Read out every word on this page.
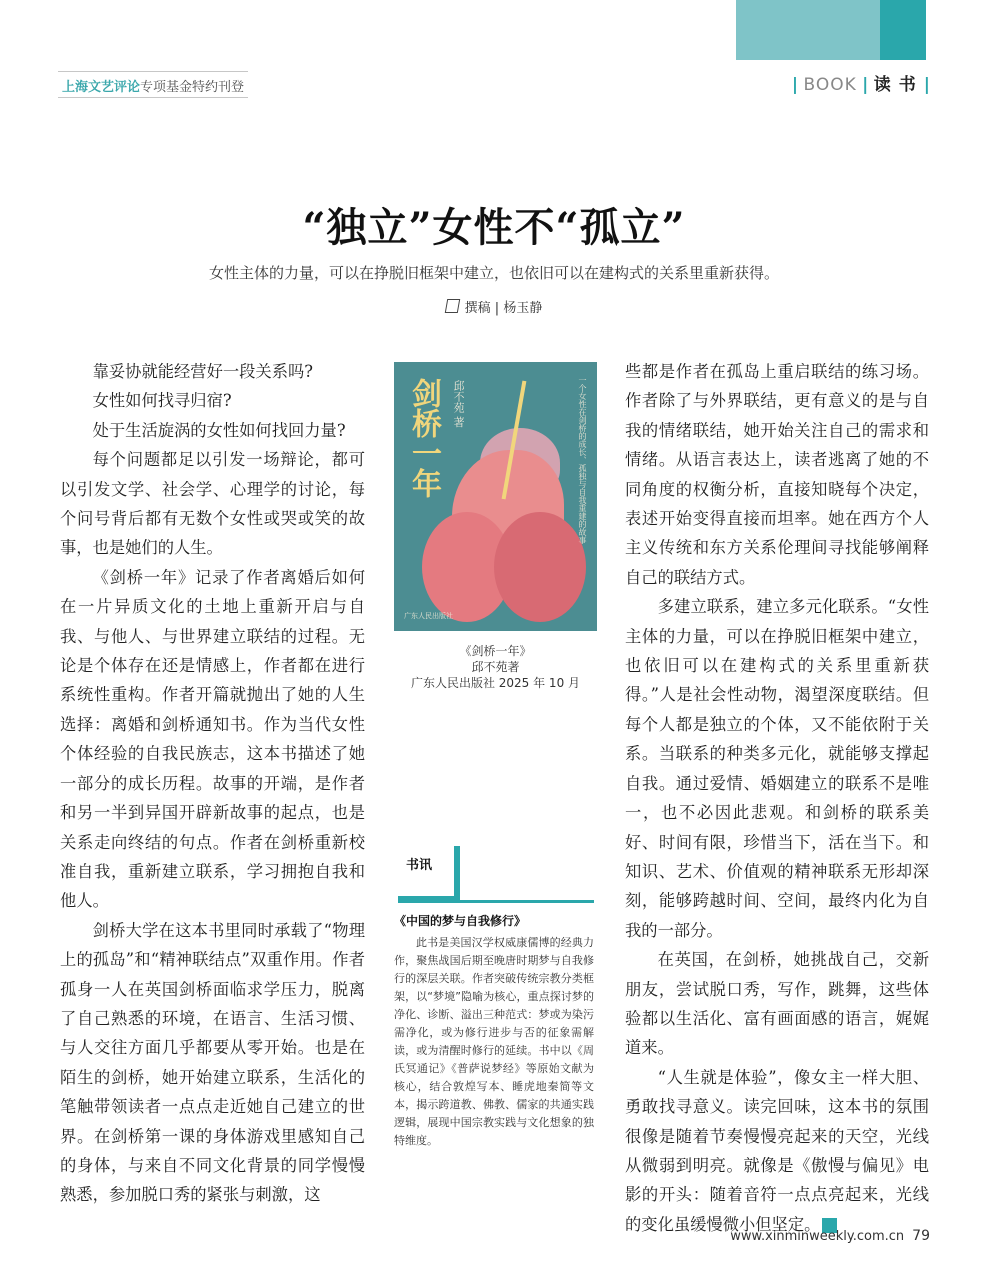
上海文艺评论专项基金特约刊登	| BOOK | 读书|
“独立”女性不“孤立”
女性主体的力量，可以在挣脱旧框架中建立，也依旧可以在建构式的关系里重新获得。
撰稿 | 杨玉静

靠妥协就能经营好一段关系吗?

女性如何找寻归宿?

处于生活旋涡的女性如何找回力量?

每个问题都足以引发一场辩论，都可以引发文学、社会学、心理学的讨论，每个问号背后都有无数个女性或哭或笑的故事，也是她们的人生。

《剑桥一年》记录了作者离婚后如何在一片异质文化的土地上重新开启与自我、与他人、与世界建立联结的过程。无论是个体存在还是情感上，作者都在进行系统性重构。作者开篇就抛出了她的人生选择：离婚和剑桥通知书。作为当代女性个体经验的自我民族志，这本书描述了她一部分的成长历程。故事的开端，是作者和另一半到异国开辟新故事的起点，也是关系走向终结的句点。作者在剑桥重新校准自我，重新建立联系，学习拥抱自我和他人。

剑桥大学在这本书里同时承载了“物理上的孤岛”和“精神联结点”双重作用。作者孤身一人在英国剑桥面临求学压力，脱离了自己熟悉的环境，在语言、生活习惯、与人交往方面几乎都要从零开始。也是在陌生的剑桥，她开始建立联系，生活化的笔触带领读者一点点走近她自己建立的世界。在剑桥第一课的身体游戏里感知自己的身体，与来自不同文化背景的同学慢慢熟悉，参加脱口秀的紧张与刺激，这

剑桥一年 邱不苑 著	一个女性在剑桥的成长、孤独与自我重建的故事
广东人民出版社
《剑桥一年》
邱不苑著
广东人民出版社 2025 年 10 月
书讯
《中国的梦与自我修行》

此书是美国汉学权威康儒博的经典力作，聚焦战国后期至晚唐时期梦与自我修行的深层关联。作者突破传统宗教分类框架，以“梦境”隐喻为核心，重点探讨梦的净化、诊断、溢出三种范式：梦或为染污需净化，或为修行进步与否的征象需解读，或为清醒时修行的延续。书中以《周氏冥通记》《普萨说梦经》等原始文献为核心，结合敦煌写本、睡虎地秦简等文本，揭示跨道教、佛教、儒家的共通实践逻辑，展现中国宗教实践与文化想象的独特维度。

些都是作者在孤岛上重启联结的练习场。作者除了与外界联结，更有意义的是与自我的情绪联结，她开始关注自己的需求和情绪。从语言表达上，读者逃离了她的不同角度的权衡分析，直接知晓每个决定，表述开始变得直接而坦率。她在西方个人主义传统和东方关系伦理间寻找能够阐释自己的联结方式。

多建立联系，建立多元化联系。“女性主体的力量，可以在挣脱旧框架中建立，也依旧可以在建构式的关系里重新获得。”人是社会性动物，渴望深度联结。但每个人都是独立的个体，又不能依附于关系。当联系的种类多元化，就能够支撑起自我。通过爱情、婚姻建立的联系不是唯一，也不必因此悲观。和剑桥的联系美好、时间有限，珍惜当下，活在当下。和知识、艺术、价值观的精神联系无形却深刻，能够跨越时间、空间，最终内化为自我的一部分。

在英国，在剑桥，她挑战自己，交新朋友，尝试脱口秀，写作，跳舞，这些体验都以生活化、富有画面感的语言，娓娓道来。

“人生就是体验”，像女主一样大胆、勇敢找寻意义。读完回味，这本书的氛围很像是随着节奏慢慢亮起来的天空，光线从微弱到明亮。就像是《傲慢与偏见》电影的开头：随着音符一点点亮起来，光线的变化虽缓慢微小但坚定。	民

www.xinminweekly.com.cn 79
